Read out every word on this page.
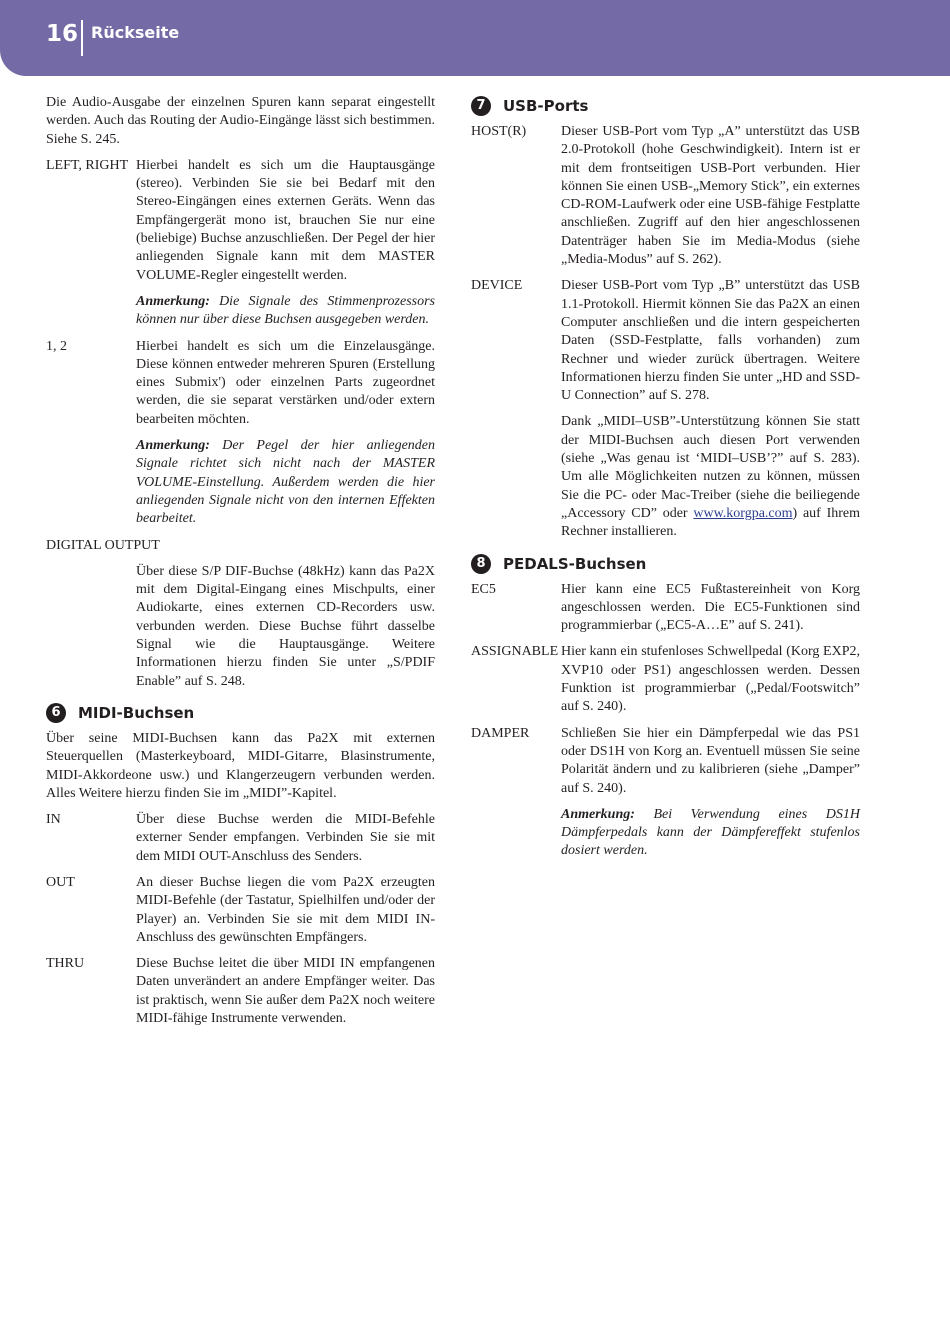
16 Rückseite

Die Audio-Ausgabe der einzelnen Spuren kann separat eingestellt werden. Auch das Routing der Audio-Eingänge lässt sich bestimmen. Siehe S. 245.

LEFT, RIGHT Hierbei handelt es sich um die Hauptausgänge (stereo). Verbinden Sie sie bei Bedarf mit den Stereo-Eingängen eines externen Geräts. Wenn das Empfängergerät mono ist, brauchen Sie nur eine (beliebige) Buchse anzuschließen. Der Pegel der hier anliegenden Signale kann mit dem MASTER VOLUME-Regler eingestellt werden.

Anmerkung: Die Signale des Stimmenprozessors können nur über diese Buchsen ausgegeben werden.

1, 2	Hierbei handelt es sich um die Einzelausgänge. Diese können entweder mehreren Spuren (Erstellung eines Submix') oder einzelnen Parts zugeordnet werden, die sie separat verstärken und/oder extern bearbeiten möchten.

Anmerkung: Der Pegel der hier anliegenden Signale richtet sich nicht nach der MASTER VOLUME-Einstellung. Außerdem werden die hier anliegenden Signale nicht von den internen Effekten bearbeitet.

DIGITAL OUTPUT

Über diese S/P DIF-Buchse (48kHz) kann das Pa2X mit dem Digital-Eingang eines Mischpults, einer Audiokarte, eines externen CD-Recorders usw. verbunden werden. Diese Buchse führt dasselbe Signal wie die Hauptausgänge. Weitere Informationen hierzu finden Sie unter „S/PDIF Enable” auf S. 248.

6	MIDI-Buchsen

Über seine MIDI-Buchsen kann das Pa2X mit externen Steuerquellen (Masterkeyboard, MIDI-Gitarre, Blasinstrumente, MIDI-Akkordeone usw.) und Klangerzeugern verbunden werden. Alles Weitere hierzu finden Sie im „MIDI”-Kapitel.

IN	Über diese Buchse werden die MIDI-Befehle externer Sender empfangen. Verbinden Sie sie mit dem MIDI OUT-Anschluss des Senders.
OUT	An dieser Buchse liegen die vom Pa2X erzeugten MIDI-Befehle (der Tastatur, Spielhilfen und/oder der Player) an. Verbinden Sie sie mit dem MIDI IN-Anschluss des gewünschten Empfängers.
THRU	Diese Buchse leitet die über MIDI IN empfangenen Daten unverändert an andere Empfänger weiter. Das ist praktisch, wenn Sie außer dem Pa2X noch weitere MIDI-fähige Instrumente verwenden.
7	USB-Ports
HOST(R)	Dieser USB-Port vom Typ „A” unterstützt das USB 2.0-Protokoll (hohe Geschwindigkeit). Intern ist er mit dem frontseitigen USB-Port verbunden. Hier können Sie einen USB-„Memory Stick”, ein externes CD-ROM-Laufwerk oder eine USB-fähige Festplatte anschließen. Zugriff auf den hier angeschlossenen Datenträger haben Sie im Media-Modus (siehe „Media-Modus” auf S. 262).
DEVICE	Dieser USB-Port vom Typ „B” unterstützt das USB 1.1-Protokoll. Hiermit können Sie das Pa2X an einen Computer anschließen und die intern gespeicherten Daten (SSD-Festplatte, falls vorhanden) zum Rechner und wieder zurück übertragen. Weitere Informationen hierzu finden Sie unter „HD and SSD-U Connection” auf S. 278.

Dank „MIDI–USB”-Unterstützung können Sie statt der MIDI-Buchsen auch diesen Port verwenden (siehe „Was genau ist ‘MIDI–USB’?” auf S. 283). Um alle Möglichkeiten nutzen zu können, müssen Sie die PC- oder Mac-Treiber (siehe die beiliegende „Accessory CD” oder www.korgpa.com) auf Ihrem Rechner installieren.

8	PEDALS-Buchsen
EC5	Hier kann eine EC5 Fußtastereinheit von Korg angeschlossen werden. Die EC5-Funktionen sind programmierbar („EC5-A…E” auf S. 241).
ASSIGNABLE Hier kann ein stufenloses Schwellpedal (Korg EXP2, XVP10 oder PS1) angeschlossen werden. Dessen Funktion ist programmierbar („Pedal/Footswitch” auf S. 240).
DAMPER	Schließen Sie hier ein Dämpferpedal wie das PS1 oder DS1H von Korg an. Eventuell müssen Sie seine Polarität ändern und zu kalibrieren (siehe „Damper” auf S. 240).

Anmerkung: Bei Verwendung eines DS1H Dämpferpedals kann der Dämpfereffekt stufenlos dosiert werden.
